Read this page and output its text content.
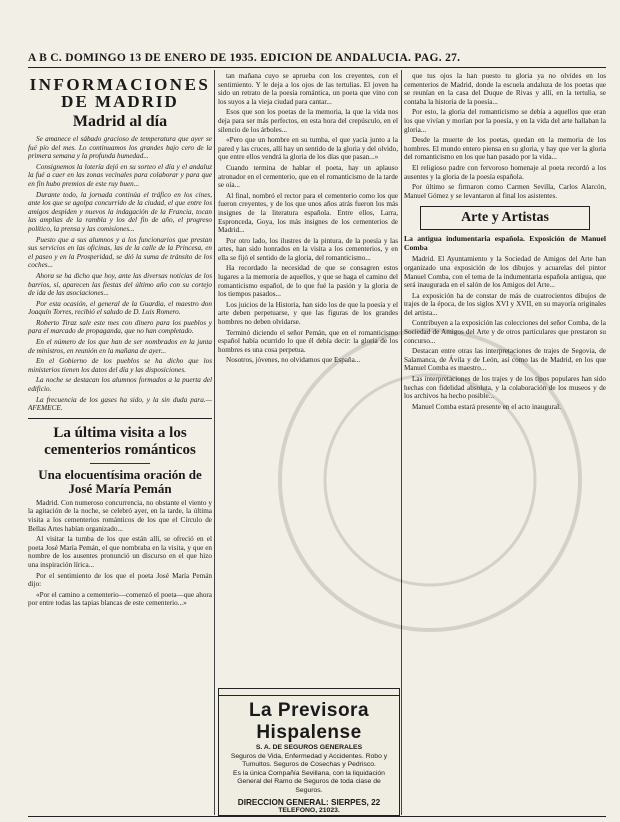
A B C. DOMINGO 13 DE ENERO DE 1935. EDICION DE ANDALUCIA. PAG. 27.
INFORMACIONES
DE MADRID
Madrid al día
Se amanece el sábado gracioso de temperatura que ayer se fué pío del mes. Lo continuamos los grandes bajo cero de la primera semana y la profunda humedad...
Consignemos la lotería dejó en su sorteo el día y el andaluz la fué a caer en las zonas vecinales para colaborar y para que en fin hubo premios de este ruy buen...
Durante todo, la jornada continúa el tráfico en los cines, ante los que se agolpa concurrido de la ciudad, el que entre los amigos despiden y nuevos la indagación de la Francia, tocan las amplias de la rambla y los del fin de año, el progreso político, la prensa y las comisiones...
Puesto que a sus alumnos y a los funcionarios que prestan sus servicios en las oficinas, las de la calle de la Princesa, en el paseo y en la Prosperidad, se dió la suma de tránsito de los coches...
Ahora se ha dicho que hoy, ante las diversas noticias de los barrios, sí, aparecen las fiestas del último año con su cortejo de ida de las asociaciones...
Por esta ocasión, el general de la Guardia, el maestro don Joaquín Torres, recibió el saludo de D. Luis Romero.
Roberto Tiraz sale este mes con dinero para los pueblos y para el marcado de propaganda, que no han completado.
En el número de los que han de ser nombrados en la junta de ministros, en reunión en la mañana de ayer...
En el Gobierno de los pueblos se ha dicho que los ministerios tienen los datos del día y las disposiciones.
La noche se destacan los alumnos formados a la puerta del edificio.
La frecuencia de los gases ha sido, y la sin duda para.—AFEMECE.
La última visita a los cementerios románticos
Una elocuentísima oración de José María Pemán
Madrid. Con numeroso concurrencia, no obstante el viento y la agitación de la noche, se celebró ayer, en la tarde, la última visita a los cementerios románticos de los que el Círculo de Bellas Artes habían organizado...
Al visitar la tumba de los que están allí, se ofreció en el poeta José María Pemán, el que nombraba en la visita, y que en nombre de los ausentes pronunció un discurso en el que hizo una inspiración lírica...
Por el sentimiento de los que el poeta José María Pemán dijo:
«Por el camino a cementerio—comenzó el poeta—que ahora por entre todas las tapias blancas de este cementerio...»
tan mañana cuyo se aprueba con los creyentes, con el sentimiento. Y le deja a los ojos de las tertulias. El joven ha sido un retrato de la poesía romántica, un poeta que vino con los suyos a la vieja ciudad para cantar...
Esos que son los poetas de la memoria, la que la vida nos deja para ser más perfectos, en esta hora del crepúsculo, en el silencio de los árboles...
«Pero que un hombre en su tumba, el que yacía junto a la pared y las cruces, allí hay un sentido de la gloria y del olvido, que entre ellos vendrá la gloria de los días que pasan...»
Cuando termina de hablar el poeta, hay un aplauso atronador en el cementerio, que en el romanticismo de la tarde se oía...
Al final, nombró el rector para el cementerio como los que fueron creyentes, y de los que unos años atrás fueron los más insignes de la literatura española. Entre ellos, Larra, Espronceda, Goya, los más insignes de los cementerios de Madrid...
Por otro lado, los ilustres de la pintura, de la poesía y las artes, han sido honrados en la visita a los cementerios, y en ella se fijó el sentido de la gloria, del romanticismo...
Ha recordado la necesidad de que se consagren estos lugares a la memoria de aquellos, y que se haga el camino del romanticismo español, de lo que fué la pasión y la gloria de los tiempos pasados...
Los juicios de la Historia, han sido los de que la poesía y el arte deben perpetuarse, y que las figuras de los grandes hombres no deben olvidarse.
Terminó diciendo el señor Pemán, que en el romanticismo español había ocurrido lo que él debía decir: la gloria de los hombres es una cosa perpetua.
Nosotros, jóvenes, no olvidamos que España...
La Previsora Hispalense
S. A. DE SEGUROS GENERALES
Seguros de Vida, Enfermedad y Accidentes. Robo y Tumultos. Seguros de Cosechas y Pedrisco.
Es la única Compañía Sevillana, con la liquidación General del Ramo de Seguros de toda clase de Seguros.
DIRECCION GENERAL: SIERPES, 22
TELEFONO, 21023.
que tus ojos la han puesto tu gloria ya no olvides en los cementerios de Madrid, donde la escuela andaluza de los poetas que se reunían en la casa del Duque de Rivas y allí, en la tertulia, se contaba la historia de la poesía...
Por esto, la gloria del romanticismo se debía a aquellos que eran los que vivían y morían por la poesía, y en la vida del arte hallaban la gloria...
Desde la muerte de los poetas, quedan en la memoria de los hombres. El mundo entero piensa en su gloria, y hay que ver la gloria del romanticismo en los que han pasado por la vida...
El religioso padre con fervoroso homenaje al poeta recordó a los ausentes y la gloria de la poesía española.
Por último se firmaron como Carmen Sevilla, Carlos Alarcón, Manuel Gómez y se levantaron al final los asistentes.
Arte y Artistas
La antigua indumentaria española. Exposición de Manuel Comba
Madrid. El Ayuntamiento y la Sociedad de Amigos del Arte han organizado una exposición de los dibujos y acuarelas del pintor Manuel Comba, con el tema de la indumentaria española antigua, que será inaugurada en el salón de los Amigos del Arte...
La exposición ha de constar de más de cuatrocientos dibujos de trajes de la época, de los siglos XVI y XVII, en su mayoría originales del artista...
Contribuyen a la exposición las colecciones del señor Comba, de la Sociedad de Amigos del Arte y de otros particulares que prestaron su concurso...
Destacan entre otras las interpretaciones de trajes de Segovia, de Salamanca, de Ávila y de León, así como las de Madrid, en los que Manuel Comba es maestro...
Las interpretaciones de los trajes y de los tipos populares han sido hechas con fidelidad absoluta, y la colaboración de los museos y de los archivos ha hecho posible...
Manuel Comba estará presente en el acto inaugural.
